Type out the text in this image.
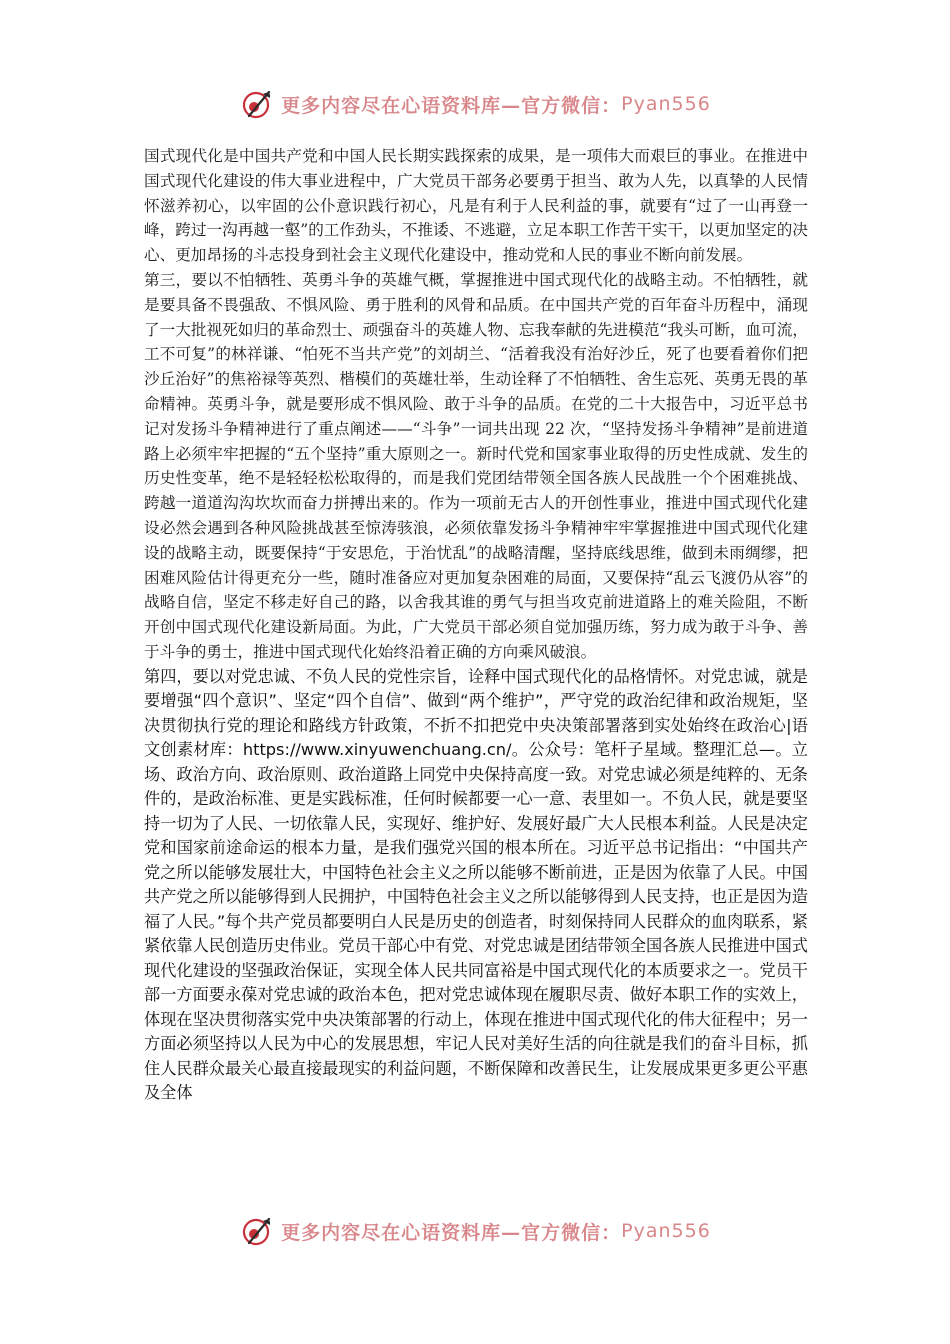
更多内容尽在心语资料库—官方微信： Pyan556

国式现代化是中国共产党和中国人民长期实践探索的成果，是一项伟大而艰巨的事业。在推进中国式现代化建设的伟大事业进程中，广大党员干部务必要勇于担当、敢为人先，以真挚的人民情怀滋养初心，以牢固的公仆意识践行初心，凡是有利于人民利益的事，就要有“过了一山再登一峰，跨过一沟再越一壑”的工作劲头，不推诿、不逃避，立足本职工作苦干实干，以更加坚定的决心、更加昂扬的斗志投身到社会主义现代化建设中，推动党和人民的事业不断向前发展。

第三，要以不怕牺牲、英勇斗争的英雄气概，掌握推进中国式现代化的战略主动。不怕牺牲，就是要具备不畏强敌、不惧风险、勇于胜利的风骨和品质。在中国共产党的百年奋斗历程中，涌现了一大批视死如归的革命烈士、顽强奋斗的英雄人物、忘我奉献的先进模范“我头可断，血可流，工不可复”的林祥谦、“怕死不当共产党”的刘胡兰、“活着我没有治好沙丘，死了也要看着你们把沙丘治好”的焦裕禄等英烈、楷模们的英雄壮举，生动诠释了不怕牺牲、舍生忘死、英勇无畏的革命精神。英勇斗争，就是要形成不惧风险、敢于斗争的品质。在党的二十大报告中，习近平总书记对发扬斗争精神进行了重点阐述——“斗争”一词共出现 22 次，“坚持发扬斗争精神”是前进道路上必须牢牢把握的“五个坚持”重大原则之一。新时代党和国家事业取得的历史性成就、发生的历史性变革，绝不是轻轻松松取得的，而是我们党团结带领全国各族人民战胜一个个困难挑战、跨越一道道沟沟坎坎而奋力拼搏出来的。作为一项前无古人的开创性事业，推进中国式现代化建设必然会遇到各种风险挑战甚至惊涛骇浪，必须依靠发扬斗争精神牢牢掌握推进中国式现代化建设的战略主动，既要保持“于安思危，于治忧乱”的战略清醒，坚持底线思维，做到未雨绸缪，把困难风险估计得更充分一些，随时准备应对更加复杂困难的局面，又要保持“乱云飞渡仍从容”的战略自信，坚定不移走好自己的路，以舍我其谁的勇气与担当攻克前进道路上的难关险阻，不断开创中国式现代化建设新局面。为此，广大党员干部必须自觉加强历练，努力成为敢于斗争、善于斗争的勇士，推进中国式现代化始终沿着正确的方向乘风破浪。

第四，要以对党忠诚、不负人民的党性宗旨，诠释中国式现代化的品格情怀。对党忠诚，就是要增强“四个意识”、坚定“四个自信”、做到“两个维护”，严守党的政治纪律和政治规矩，坚决贯彻执行党的理论和路线方针政策，不折不扣把党中央决策部署落到实处始终在政治心|语文创素材库：https://www.xinyuwenchuang.cn/。公众号：笔杆子星域。整理汇总—。立场、政治方向、政治原则、政治道路上同党中央保持高度一致。对党忠诚必须是纯粹的、无条件的，是政治标准、更是实践标准，任何时候都要一心一意、表里如一。不负人民，就是要坚持一切为了人民、一切依靠人民，实现好、维护好、发展好最广大人民根本利益。人民是决定党和国家前途命运的根本力量，是我们强党兴国的根本所在。习近平总书记指出：“中国共产党之所以能够发展壮大，中国特色社会主义之所以能够不断前进，正是因为依靠了人民。中国共产党之所以能够得到人民拥护，中国特色社会主义之所以能够得到人民支持，也正是因为造福了人民。”每个共产党员都要明白人民是历史的创造者，时刻保持同人民群众的血肉联系，紧紧依靠人民创造历史伟业。党员干部心中有党、对党忠诚是团结带领全国各族人民推进中国式现代化建设的坚强政治保证，实现全体人民共同富裕是中国式现代化的本质要求之一。党员干部一方面要永葆对党忠诚的政治本色，把对党忠诚体现在履职尽责、做好本职工作的实效上，体现在坚决贯彻落实党中央决策部署的行动上，体现在推进中国式现代化的伟大征程中；另一方面必须坚持以人民为中心的发展思想，牢记人民对美好生活的向往就是我们的奋斗目标，抓住人民群众最关心最直接最现实的利益问题，不断保障和改善民生，让发展成果更多更公平惠及全体

更多内容尽在心语资料库—官方微信： Pyan556
